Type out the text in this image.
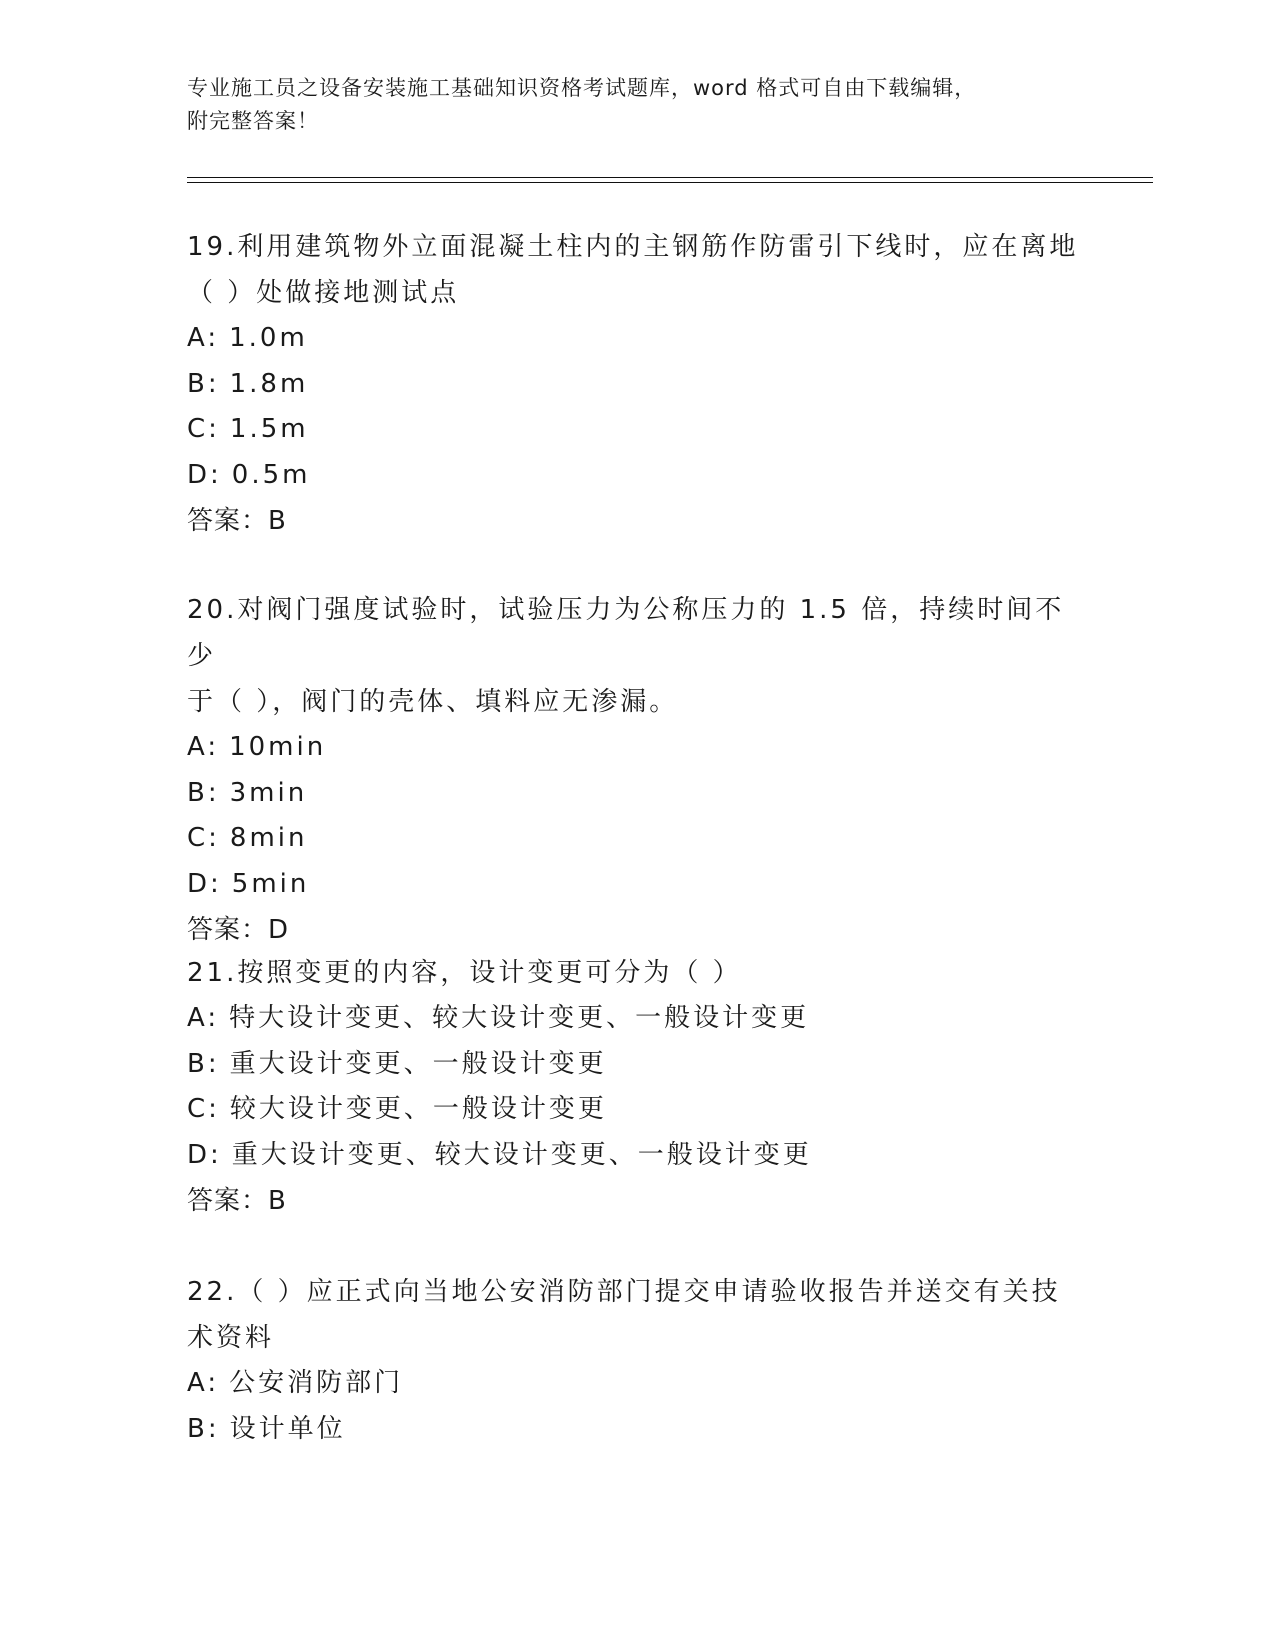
专业施工员之设备安装施工基础知识资格考试题库，word 格式可自由下载编辑，
附完整答案！
19.利用建筑物外立面混凝土柱内的主钢筋作防雷引下线时，应在离地
（ ）处做接地测试点
A: 1.0m
B: 1.8m
C: 1.5m
D: 0.5m
答案：B
20.对阀门强度试验时，试验压力为公称压力的 1.5 倍，持续时间不少
于（ ），阀门的壳体、填料应无渗漏。
A: 10min
B: 3min
C: 8min
D: 5min
答案：D
21.按照变更的内容，设计变更可分为（ ）
A: 特大设计变更、较大设计变更、一般设计变更
B: 重大设计变更、一般设计变更
C: 较大设计变更、一般设计变更
D: 重大设计变更、较大设计变更、一般设计变更
答案：B
22.（ ）应正式向当地公安消防部门提交申请验收报告并送交有关技
术资料
A: 公安消防部门
B: 设计单位
